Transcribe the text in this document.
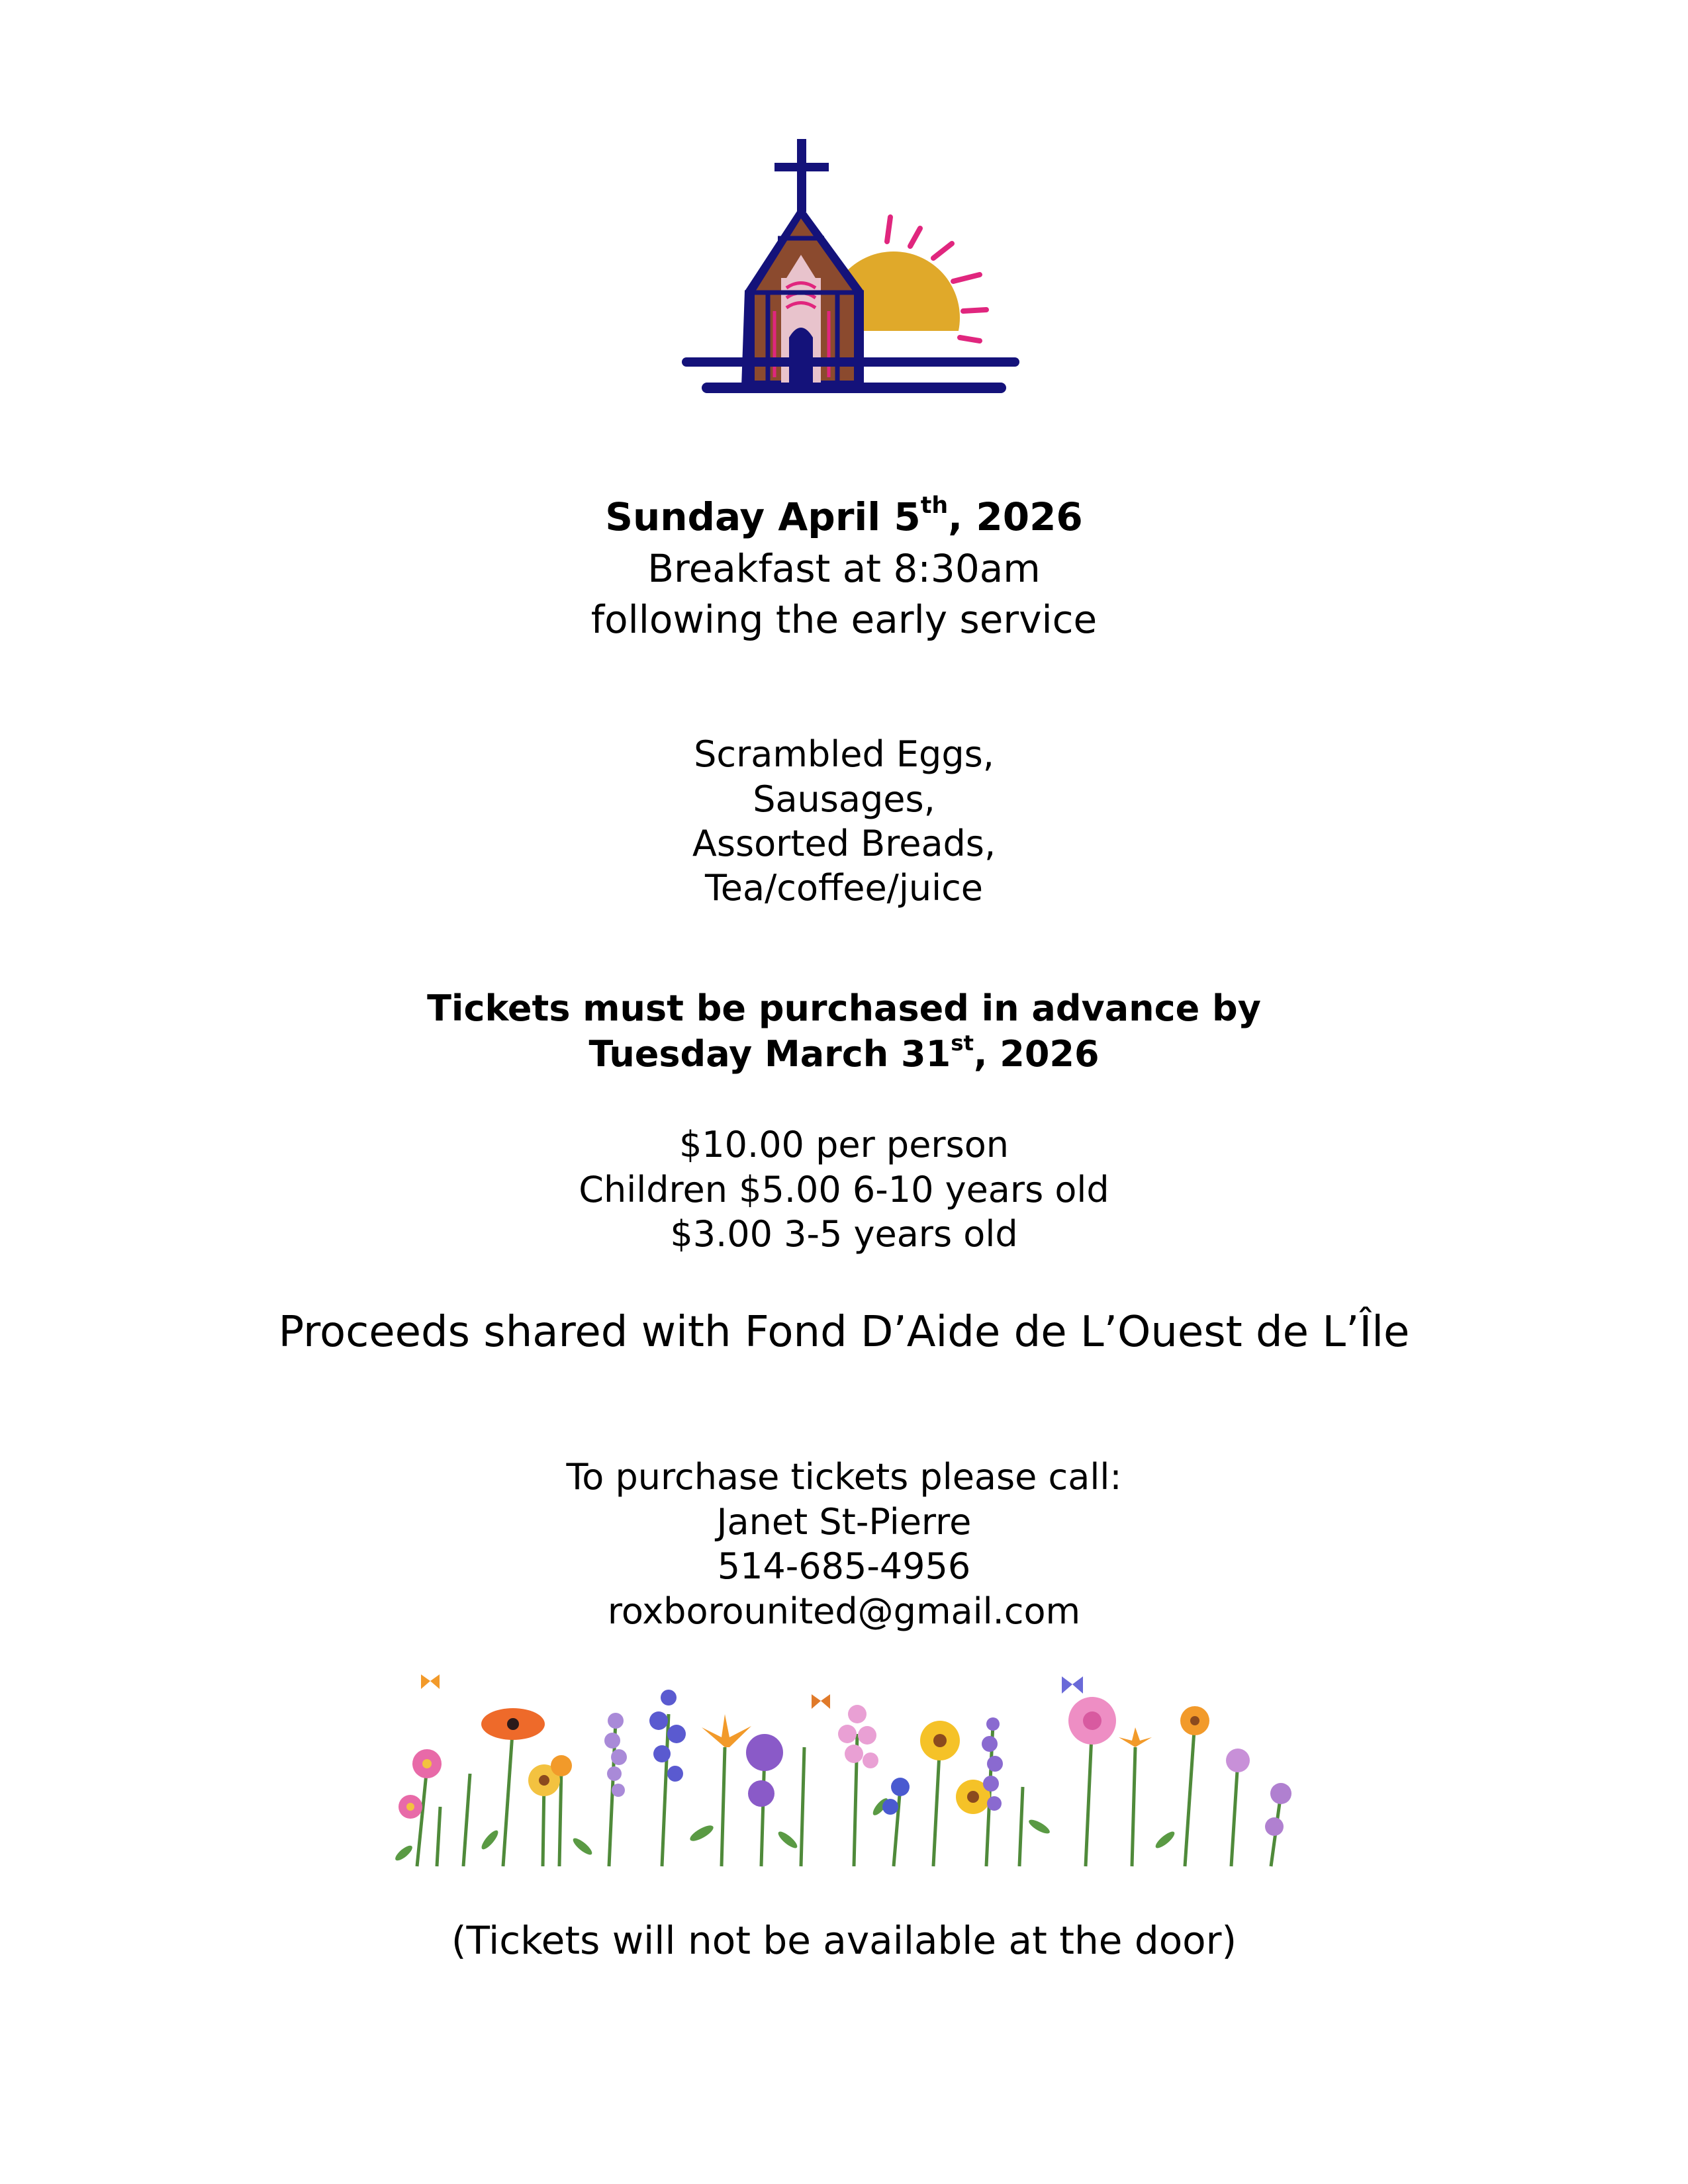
Sunday April 5th, 2026
Breakfast at 8:30am
following the early service
Scrambled Eggs,
Sausages,
Assorted Breads,
Tea/coffee/juice
Tickets must be purchased in advance by
Tuesday March 31st, 2026
$10.00 per person
Children $5.00 6-10 years old
$3.00 3-5 years old
Proceeds shared with Fond D’Aide de L’Ouest de L’Île
To purchase tickets please call:
Janet St-Pierre
514-685-4956
roxborounited@gmail.com
(Tickets will not be available at the door)
